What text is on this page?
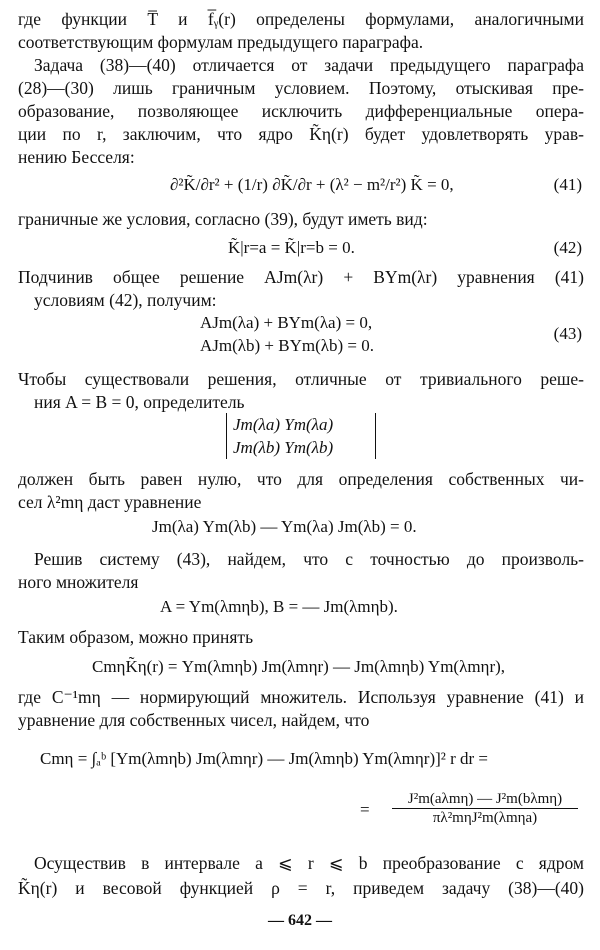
где функции T̅ и f̅ᵧ(r) определены формулами, аналогичными

соответствующим формулам предыдущего параграфа.

Задача (38)—(40) отличается от задачи предыдущего параграфа

(28)—(30) лишь граничным условием. Поэтому, отыскивая пре-

образование, позволяющее исключить дифференциальные опера-

ции по r, заключим, что ядро K̃η(r) будет удовлетворять урав-

нению Бесселя:

∂²K̃/∂r² + (1/r) ∂K̃/∂r + (λ² − m²/r²) K̃ = 0,	(41)

граничные же условия, согласно (39), будут иметь вид:

K̃|r=a = K̃|r=b = 0.	(42)

Подчинив общее решение AJm(λr) + BYm(λr) уравнения (41)

условиям (42), получим:

AJm(λa) + BYm(λa) = 0,

AJm(λb) + BYm(λb) = 0.

(43)

Чтобы существовали решения, отличные от тривиального реше-

ния A = B = 0, определитель

Jm(λa) Ym(λa)
Jm(λb) Ym(λb)

должен быть равен нулю, что для определения собственных чи-

сел λ²mη даст уравнение

Jm(λa) Ym(λb) — Ym(λa) Jm(λb) = 0.

Решив систему (43), найдем, что с точностью до произволь-

ного множителя

A = Ym(λmηb), B = — Jm(λmηb).

Таким образом, можно принять

CmηK̃η(r) = Ym(λmηb) Jm(λmηr) — Jm(λmηb) Ym(λmηr),

где C⁻¹mη — нормирующий множитель. Используя уравнение (41) и

уравнение для собственных чисел, найдем, что

Cmη = ∫ₐᵇ [Ym(λmηb) Jm(λmηr) — Jm(λmηb) Ym(λmηr)]² r dr =

J²m(aλmη) — J²m(bλmη)
πλ²mηJ²m(λmηa)
=

Осуществив в интервале a ⩽ r ⩽ b преобразование с ядром

K̃η(r) и весовой функцией ρ = r, приведем задачу (38)—(40)

— 642 —
